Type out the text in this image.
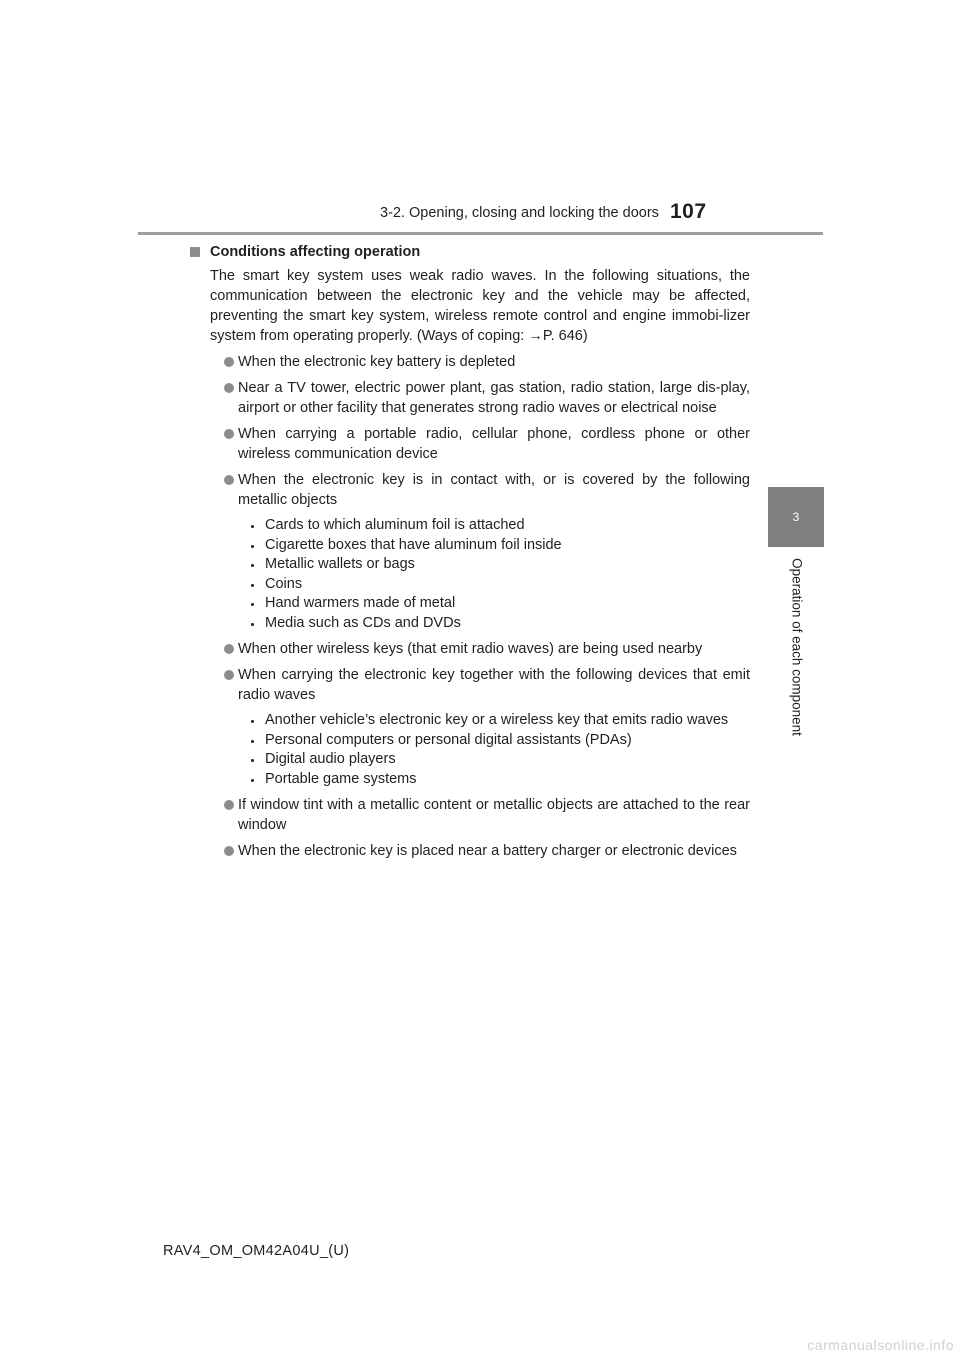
3-2. Opening, closing and locking the doors 107
3
Operation of each component
Conditions affecting operation
The smart key system uses weak radio waves. In the following situations, the communication between the electronic key and the vehicle may be affected, preventing the smart key system, wireless remote control and engine immobi-lizer system from operating properly. (Ways of coping: →P. 646)
When the electronic key battery is depleted
Near a TV tower, electric power plant, gas station, radio station, large dis-play, airport or other facility that generates strong radio waves or electrical noise
When carrying a portable radio, cellular phone, cordless phone or other wireless communication device
When the electronic key is in contact with, or is covered by the following metallic objects
Cards to which aluminum foil is attached
Cigarette boxes that have aluminum foil inside
Metallic wallets or bags
Coins
Hand warmers made of metal
Media such as CDs and DVDs
When other wireless keys (that emit radio waves) are being used nearby
When carrying the electronic key together with the following devices that emit radio waves
Another vehicle’s electronic key or a wireless key that emits radio waves
Personal computers or personal digital assistants (PDAs)
Digital audio players
Portable game systems
If window tint with a metallic content or metallic objects are attached to the rear window
When the electronic key is placed near a battery charger or electronic devices
RAV4_OM_OM42A04U_(U)
carmanualsonline.info
